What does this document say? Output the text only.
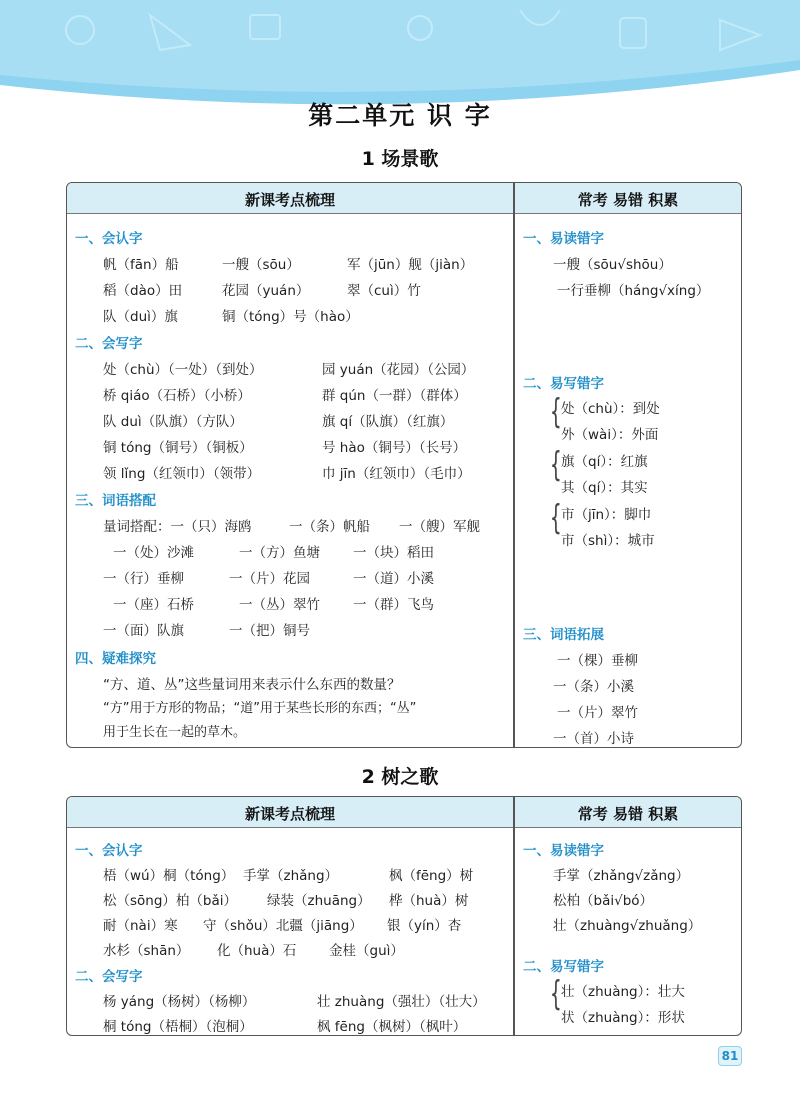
第二单元 识 字
1 场景歌
新课考点梳理	常考 易错 积累
一、会认字
帆（fān）船	一艘（sōu）	军（jūn）舰（jiàn）
稻（dào）田	花园（yuán）	翠（cuì）竹
队（duì）旗	铜（tóng）号（hào）
二、会写字
处（chù）（一处）（到处）	园 yuán（花园）（公园）
桥 qiáo（石桥）（小桥）	群 qún（一群）（群体）
队 duì（队旗）（方队）	旗 qí（队旗）（红旗）
铜 tóng（铜号）（铜板）	号 hào（铜号）（长号）
领 lǐng（红领巾）（领带）	巾 jīn（红领巾）（毛巾）
三、词语搭配
量词搭配：一（只）海鸥	一（条）帆船 一（艘）军舰
一（处）沙滩	一（方）鱼塘 一（块）稻田
一（行）垂柳	一（片）花园	一（道）小溪
一（座）石桥	一（丛）翠竹 一（群）飞鸟
一（面）队旗	一（把）铜号
四、疑难探究
“方、道、丛”这些量词用来表示什么东西的数量？
“方”用于方形的物品；“道”用于某些长形的东西；“丛”
用于生长在一起的草木。
一、易读错字
一艘（sōu√shōu）
一行垂柳（háng√xíng）
二、易写错字
{ 处（chù）：到处
外（wài）：外面
{ 旗（qí）：红旗
其（qí）：其实
{ 市（jīn）：脚巾
市（shì）：城市
三、词语拓展
一（棵）垂柳
一（条）小溪
一（片）翠竹
一（首）小诗
2 树之歌
新课考点梳理	常考 易错 积累
一、会认字
梧（wú）桐（tóng） 手掌（zhǎng）	枫（fēng）树
松（sōng）柏（bǎi） 绿装（zhuāng） 桦（huà）树
耐（nài）寒 守（shǒu）北疆（jiāng） 银（yín）杏
水杉（shān） 化（huà）石 金桂（guì）
二、会写字
杨 yáng（杨树）（杨柳）	壮 zhuàng（强壮）（壮大）
桐 tóng（梧桐）（泡桐）	枫 fēng（枫树）（枫叶）
一、易读错字
手掌（zhǎng√zǎng）
松柏（bǎi√bó）
壮（zhuàng√zhuǎng）
二、易写错字
{ 壮（zhuàng）：壮大
状（zhuàng）：形状
81
